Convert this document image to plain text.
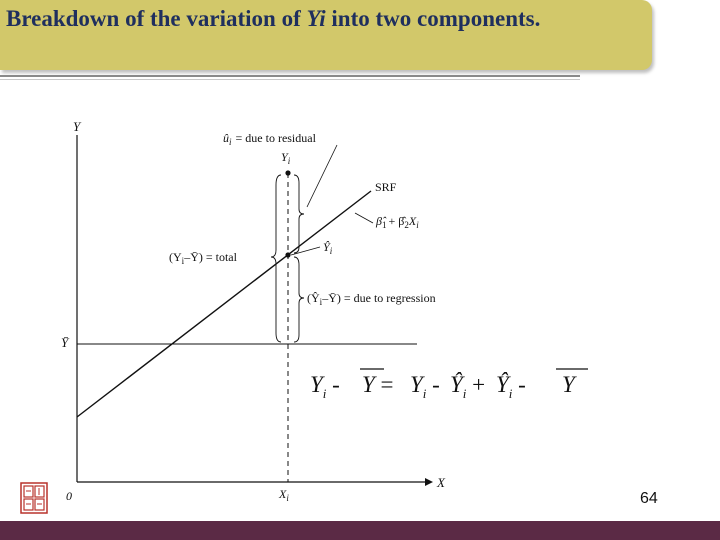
Breakdown of the variation of Yi into two components.
Y
X
0
Ȳ
SRF
$X_i$
$Y_i$
$û_i$ = due to residual
$(Y_i-Ȳ)$ = total
$Ŷ_i$
$(Ŷ_i-Ȳ)$ = due to regression
$\betâ_1$ + $\betâ_2X_i$
$Y_i - Y = Y_i$ - $Ŷ_i$ + $Ŷ_i$ - Y
64
